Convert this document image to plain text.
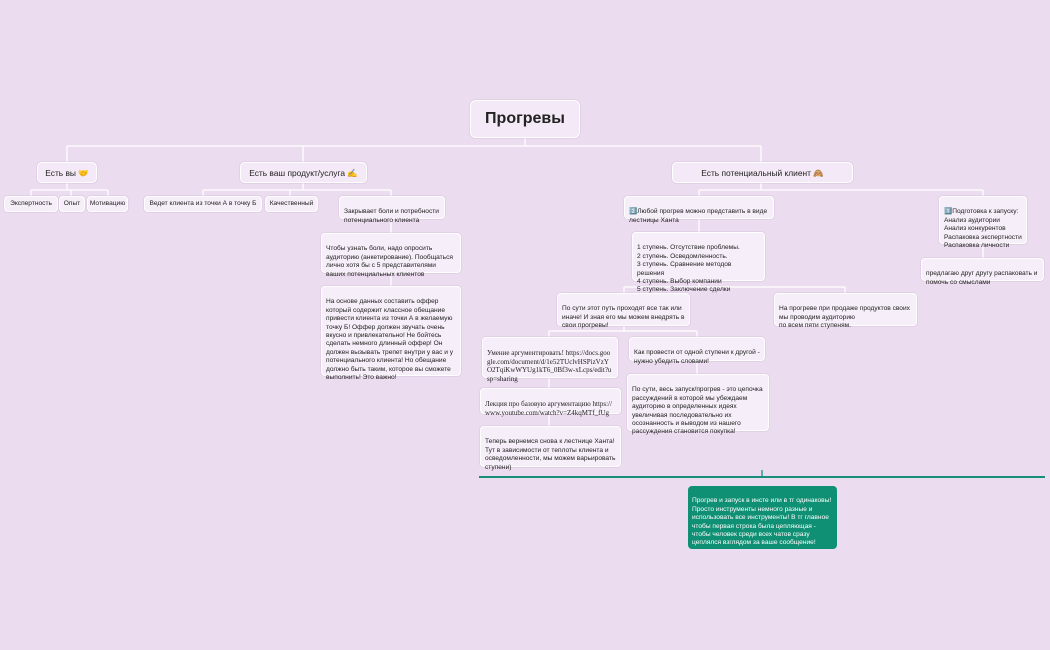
Прогревы
Есть вы 🤝
Экспертность Опыт Мотивацию
Есть ваш продукт/услуга ✍️
Ведет клиента из точки А в точку Б Качественный

Закрывает боли и потребности потенциального клиента

Чтобы узнать боли, надо опросить аудиторию (анкетирование). Пообщаться лично хотя бы с 5 представителями ваших потенциальных клиентов

На основе данных составить оффер который содержит классное обещание привести клиента из точки А в желаемую точку Б! Оффер должен звучать очень вкусно и привлекательно! Не бойтесь сделать немного длинный оффер! Он должен вызывать трепет внутри у вас и у потенциального клиента! Но обещание должно быть таким, которое вы сможете выполнить! Это важно!

Есть потенциальный клиент 🙈

2️⃣Любой прогрев можно представить в виде
лестницы Ханта

1 ступень. Отсутствие проблемы.
2 ступень. Осведомленность.
3 ступень. Сравнение методов решения
4 ступень. Выбор компании
5 ступень. Заключение сделки

По сути этот путь проходят все так или иначе! И зная его мы можем внедрять в свои прогревы!

На прогреве при продаже продуктов своих мы проводим аудиторию
по всем пяти ступеням.

Умение аргументировать! https://docs.google.com/document/d/1e52TUclvHSPizVzYO2TqiKwWYUg1kT6_0Bf3w-xLcps/edit?usp=sharing

Лекция про базовую аргументацию https://www.youtube.com/watch?v=Z4kqMTf_fUg

Теперь вернемся снова к лестнице Ханта! Тут в зависимости от теплоты клиента и осведомленности, мы можем варьировать ступени)

Как провести от одной ступени к другой - нужно убедить словами!

По сути, весь запуск/прогрев - это цепочка рассуждений в которой мы убеждаем аудиторию в определенных идеях увеличивая последовательно их осознанность и выводом из нашего рассуждения становится покупка!

1️⃣Подготовка к запуску:
Анализ аудитории
Анализ конкурентов
Распаковка экспертности
Распаковка личности

предлагаю друг другу распаковать и помочь со смыслами

Прогрев и запуск в инсте или в тг одинаковы! Просто инструменты немного разные и использовать все инструменты! В тг главное чтобы первая строка была цепляющая - чтобы человек среди всех чатов сразу цеплялся взглядом за ваше сообщение!
